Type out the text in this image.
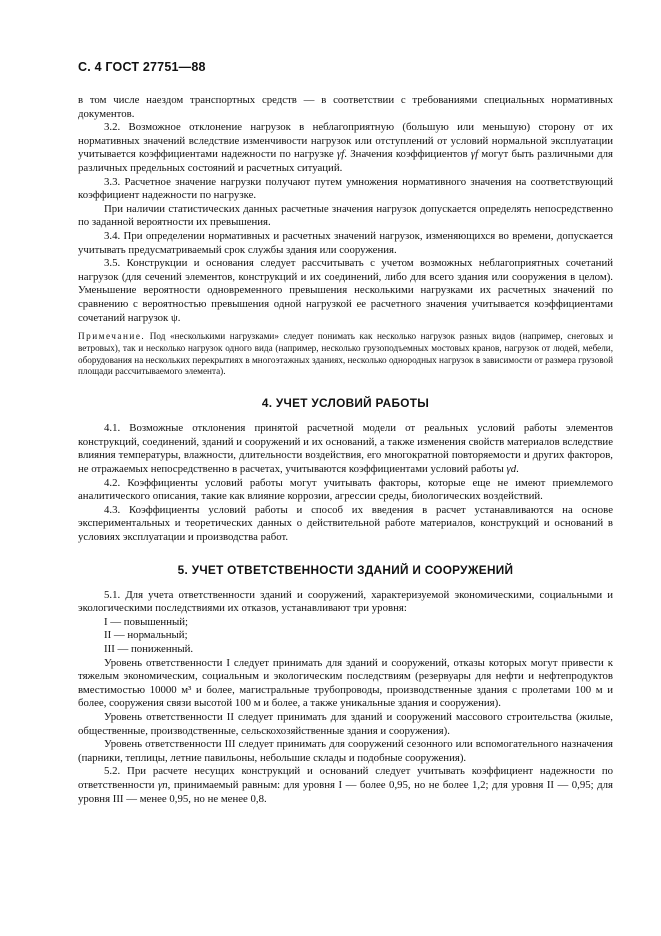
С. 4 ГОСТ 27751—88

в том числе наездом транспортных средств — в соответствии с требованиями специальных нормативных документов.

3.2. Возможное отклонение нагрузок в неблагоприятную (большую или меньшую) сторону от их нормативных значений вследствие изменчивости нагрузок или отступлений от условий нормальной эксплуатации учитывается коэффициентами надежности по нагрузке γf. Значения коэффициентов γf могут быть различными для различных предельных состояний и расчетных ситуаций.

3.3. Расчетное значение нагрузки получают путем умножения нормативного значения на соответствующий коэффициент надежности по нагрузке.

При наличии статистических данных расчетные значения нагрузок допускается определять непосредственно по заданной вероятности их превышения.

3.4. При определении нормативных и расчетных значений нагрузок, изменяющихся во времени, допускается учитывать предусматриваемый срок службы здания или сооружения.

3.5. Конструкции и основания следует рассчитывать с учетом возможных неблагоприятных сочетаний нагрузок (для сечений элементов, конструкций и их соединений, либо для всего здания или сооружения в целом). Уменьшение вероятности одновременного превышения несколькими нагрузками их расчетных значений по сравнению с вероятностью превышения одной нагрузкой ее расчетного значения учитывается коэффициентами сочетаний нагрузок ψ.

Примечание. Под «несколькими нагрузками» следует понимать как несколько нагрузок разных видов (например, снеговых и ветровых), так и несколько нагрузок одного вида (например, несколько грузоподъемных мостовых кранов, нагрузок от людей, мебели, оборудования на нескольких перекрытиях в многоэтажных зданиях, несколько однородных нагрузок в зависимости от размера грузовой площади рассчитываемого элемента).

4. УЧЕТ УСЛОВИЙ РАБОТЫ

4.1. Возможные отклонения принятой расчетной модели от реальных условий работы элементов конструкций, соединений, зданий и сооружений и их оснований, а также изменения свойств материалов вследствие влияния температуры, влажности, длительности воздействия, его многократной повторяемости и других факторов, не отражаемых непосредственно в расчетах, учитываются коэффициентами условий работы γd.

4.2. Коэффициенты условий работы могут учитывать факторы, которые еще не имеют приемлемого аналитического описания, такие как влияние коррозии, агрессии среды, биологических воздействий.

4.3. Коэффициенты условий работы и способ их введения в расчет устанавливаются на основе экспериментальных и теоретических данных о действительной работе материалов, конструкций и оснований в условиях эксплуатации и производства работ.

5. УЧЕТ ОТВЕТСТВЕННОСТИ ЗДАНИЙ И СООРУЖЕНИЙ

5.1. Для учета ответственности зданий и сооружений, характеризуемой экономическими, социальными и экологическими последствиями их отказов, устанавливают три уровня:

I — повышенный;

II — нормальный;

III — пониженный.

Уровень ответственности I следует принимать для зданий и сооружений, отказы которых могут привести к тяжелым экономическим, социальным и экологическим последствиям (резервуары для нефти и нефтепродуктов вместимостью 10000 м³ и более, магистральные трубопроводы, производственные здания с пролетами 100 м и более, сооружения связи высотой 100 м и более, а также уникальные здания и сооружения).

Уровень ответственности II следует принимать для зданий и сооружений массового строительства (жилые, общественные, производственные, сельскохозяйственные здания и сооружения).

Уровень ответственности III следует принимать для сооружений сезонного или вспомогательного назначения (парники, теплицы, летние павильоны, небольшие склады и подобные сооружения).

5.2. При расчете несущих конструкций и оснований следует учитывать коэффициент надежности по ответственности γn, принимаемый равным: для уровня I — более 0,95, но не более 1,2; для уровня II — 0,95; для уровня III — менее 0,95, но не менее 0,8.
